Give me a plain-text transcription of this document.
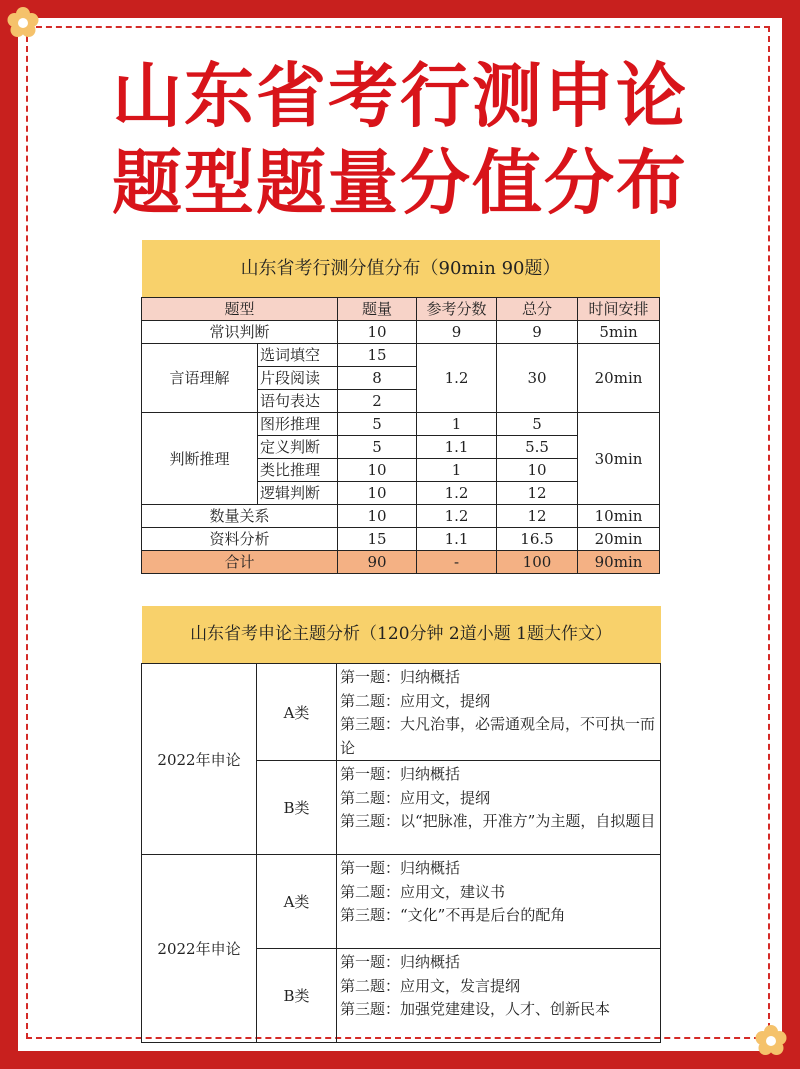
山东省考行测申论
题型题量分值分布
山东省考行测分值分布（90min 90题）					
题型		题量	参考分数	总分	时间安排
常识判断		10	9	9	5min
言语理解	选词填空	15	1.2	30	20min
	片段阅读	8			
	语句表达	2			
判断推理	图形推理	5	1	5	30min
	定义判断	5	1.1	5.5	
	类比推理	10	1	10	
	逻辑判断	10	1.2	12	
数量关系		10	1.2	12	10min
资料分析		15	1.1	16.5	20min
合计		90	-	100	90min
山东省考申论主题分析（120分钟 2道小题 1题大作文）		
2022年申论	A类	第一题：归纳概括
第二题：应用文，提纲
第三题：大凡治事，必需通观全局，不可执一而论

	B类	第一题：归纳概括
第二题：应用文，提纲
第三题：以“把脉准，开准方”为主题，自拟题目

2022年申论	A类	第一题：归纳概括
第二题：应用文，建议书
第三题：“文化”不再是后台的配角

	B类	第一题：归纳概括
第二题：应用文，发言提纲
第三题：加强党建建设，人才、创新民本
